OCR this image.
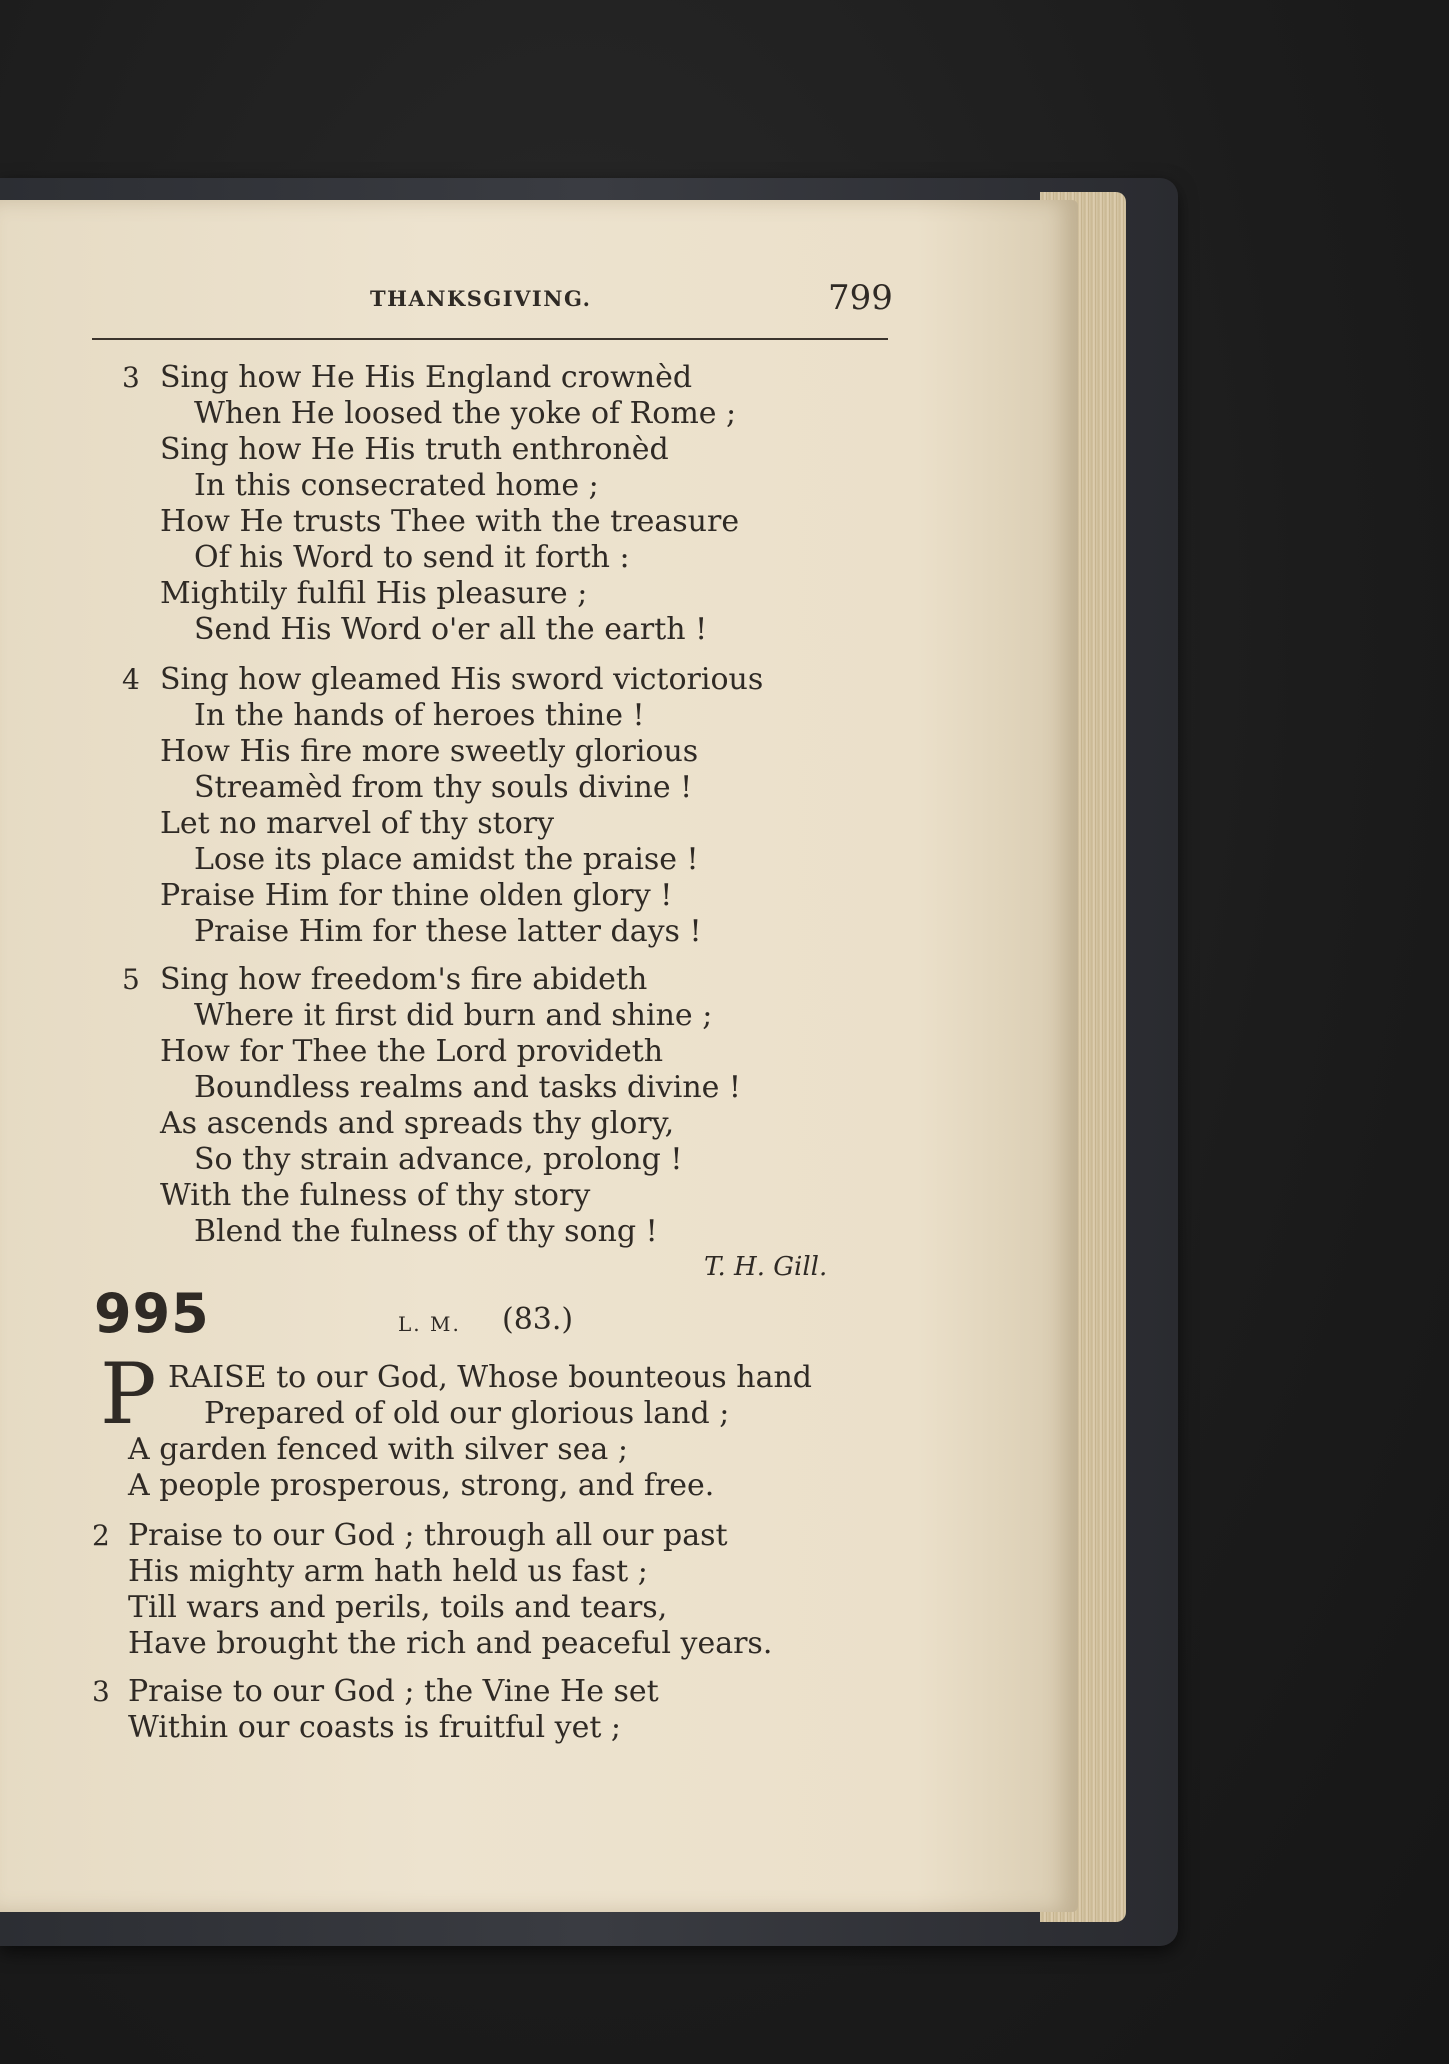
THANKSGIVING.	799
3 Sing how He His England crownèd
When He loosed the yoke of Rome ;
Sing how He His truth enthronèd
In this consecrated home ;
How He trusts Thee with the treasure
Of his Word to send it forth :
Mightily fulfil His pleasure ;
Send His Word o'er all the earth !
4 Sing how gleamed His sword victorious
In the hands of heroes thine !
How His fire more sweetly glorious
Streamèd from thy souls divine !
Let no marvel of thy story
Lose its place amidst the praise !
Praise Him for thine olden glory !
Praise Him for these latter days !
5 Sing how freedom's fire abideth
Where it first did burn and shine ;
How for Thee the Lord provideth
Boundless realms and tasks divine !
As ascends and spreads thy glory,
So thy strain advance, prolong !
With the fulness of thy story
Blend the fulness of thy song !
T. H. Gill.
995	L. M. (83.)
P RAISE to our God, Whose bounteous hand
Prepared of old our glorious land ;
A garden fenced with silver sea ;
A people prosperous, strong, and free.
2 Praise to our God ; through all our past
His mighty arm hath held us fast ;
Till wars and perils, toils and tears,
Have brought the rich and peaceful years.
3 Praise to our God ; the Vine He set
Within our coasts is fruitful yet ;
